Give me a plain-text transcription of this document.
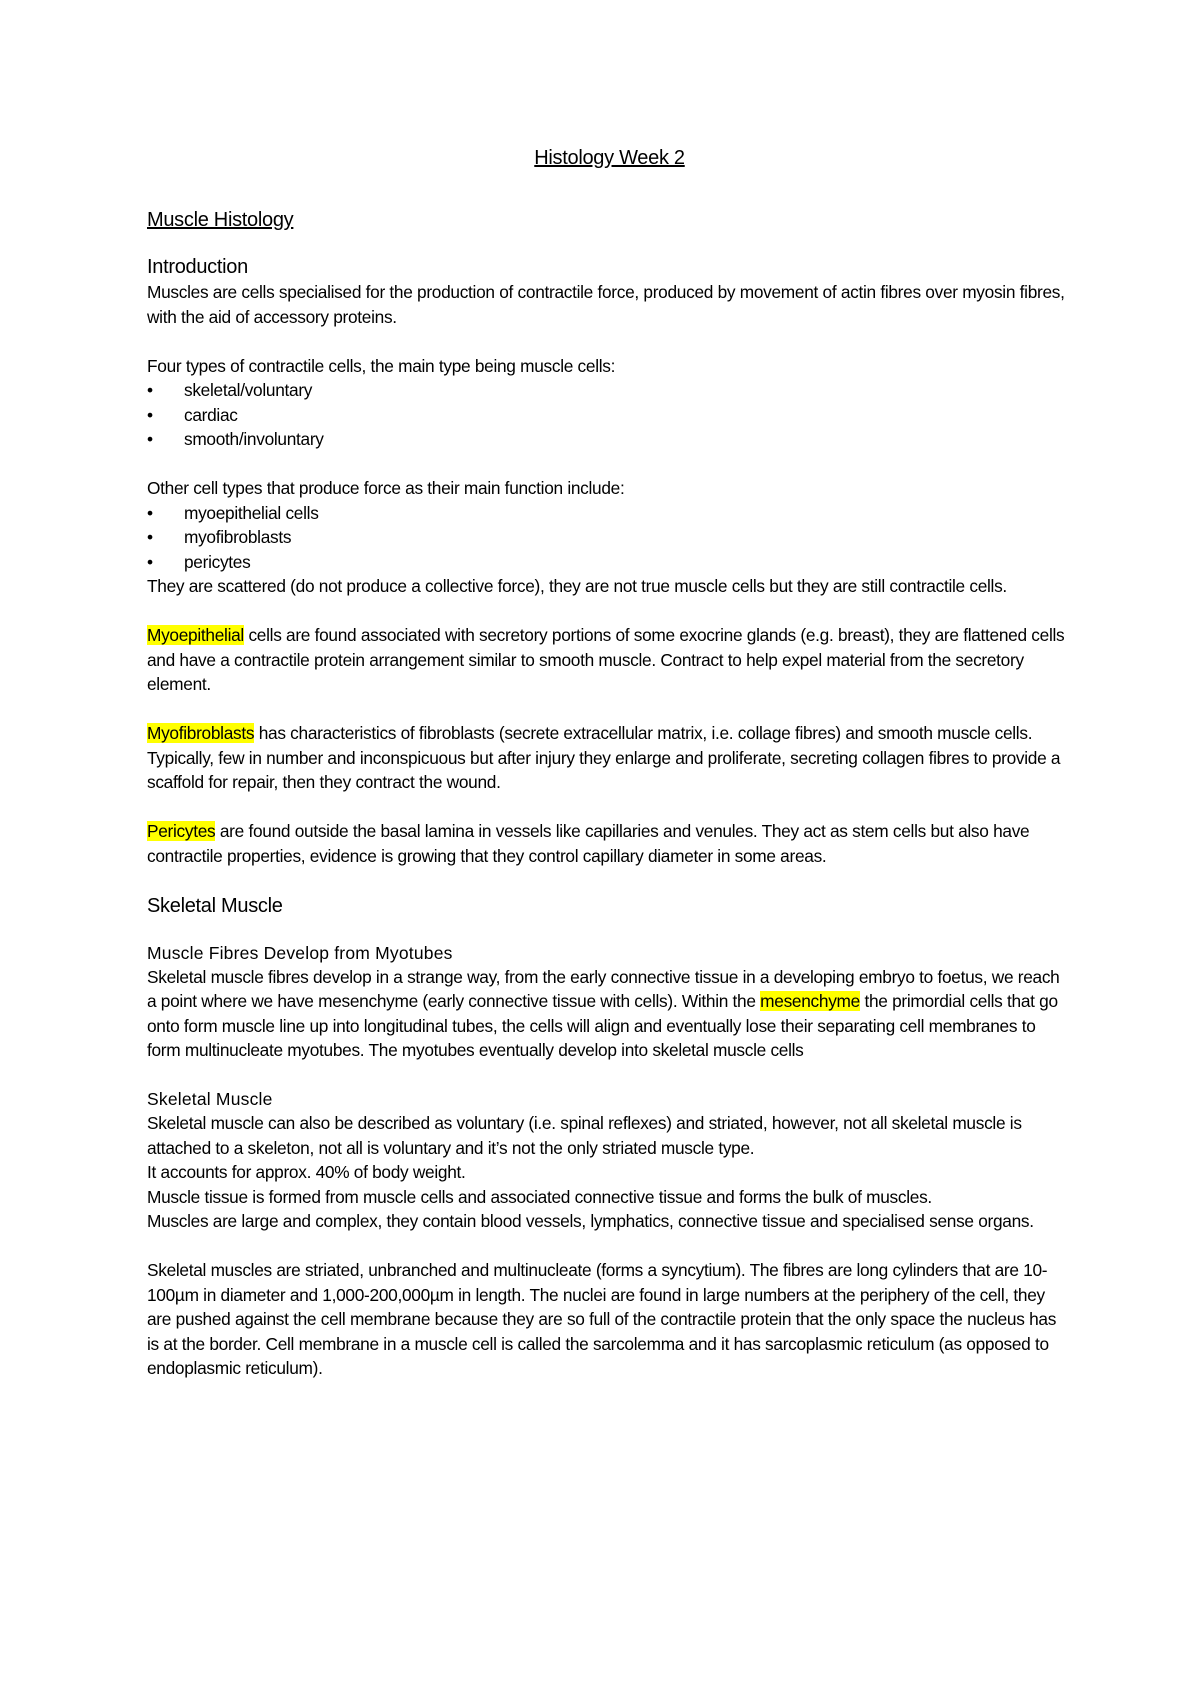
Histology Week 2
Muscle Histology
Introduction

Muscles are cells specialised for the production of contractile force, produced by movement of actin fibres over myosin fibres, with the aid of accessory proteins.

Four types of contractile cells, the main type being muscle cells:

• skeletal/voluntary
• cardiac
• smooth/involuntary

Other cell types that produce force as their main function include:

• myoepithelial cells
• myofibroblasts
• pericytes

They are scattered (do not produce a collective force), they are not true muscle cells but they are still contractile cells.

Myoepithelial cells are found associated with secretory portions of some exocrine glands (e.g. breast), they are flattened cells and have a contractile protein arrangement similar to smooth muscle. Contract to help expel material from the secretory element.

Myofibroblasts has characteristics of fibroblasts (secrete extracellular matrix, i.e. collage fibres) and smooth muscle cells. Typically, few in number and inconspicuous but after injury they enlarge and proliferate, secreting collagen fibres to provide a scaffold for repair, then they contract the wound.

Pericytes are found outside the basal lamina in vessels like capillaries and venules. They act as stem cells but also have contractile properties, evidence is growing that they control capillary diameter in some areas.

Skeletal Muscle
Muscle Fibres Develop from Myotubes

Skeletal muscle fibres develop in a strange way, from the early connective tissue in a developing embryo to foetus, we reach a point where we have mesenchyme (early connective tissue with cells). Within the mesenchyme the primordial cells that go onto form muscle line up into longitudinal tubes, the cells will align and eventually lose their separating cell membranes to form multinucleate myotubes. The myotubes eventually develop into skeletal muscle cells

Skeletal Muscle

Skeletal muscle can also be described as voluntary (i.e. spinal reflexes) and striated, however, not all skeletal muscle is attached to a skeleton, not all is voluntary and it’s not the only striated muscle type.

It accounts for approx. 40% of body weight.

Muscle tissue is formed from muscle cells and associated connective tissue and forms the bulk of muscles.

Muscles are large and complex, they contain blood vessels, lymphatics, connective tissue and specialised sense organs.

Skeletal muscles are striated, unbranched and multinucleate (forms a syncytium). The fibres are long cylinders that are 10-100µm in diameter and 1,000-200,000µm in length. The nuclei are found in large numbers at the periphery of the cell, they are pushed against the cell membrane because they are so full of the contractile protein that the only space the nucleus has is at the border. Cell membrane in a muscle cell is called the sarcolemma and it has sarcoplasmic reticulum (as opposed to endoplasmic reticulum).
